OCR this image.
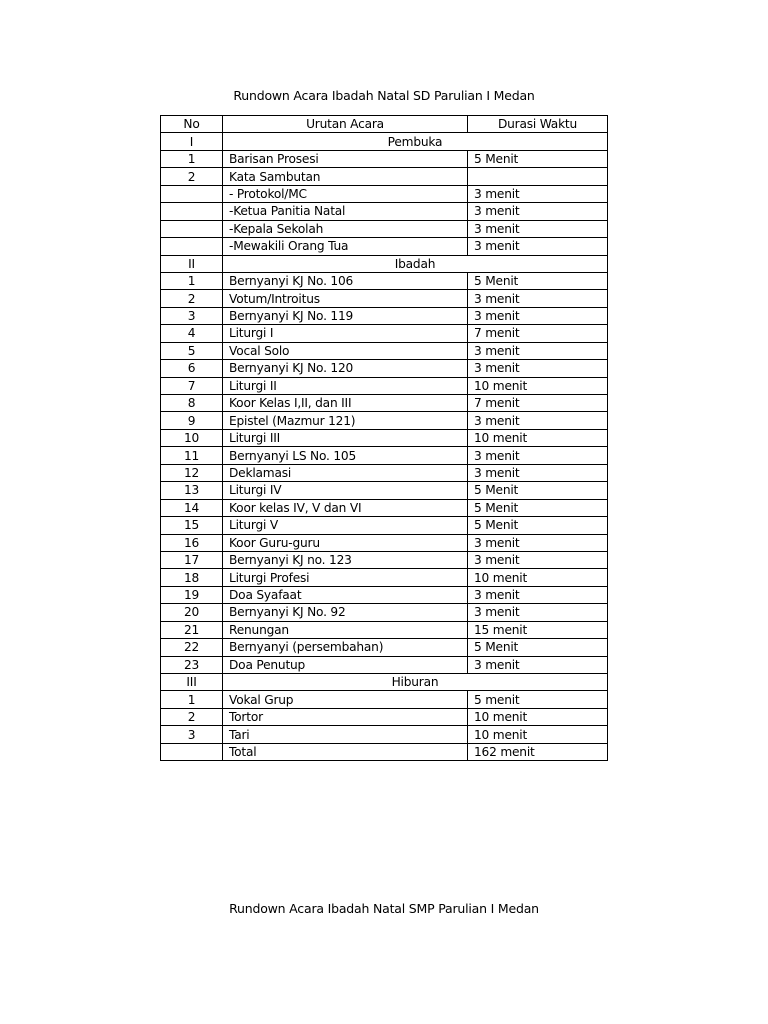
Rundown Acara Ibadah Natal SD Parulian I Medan
No	Urutan Acara	Durasi Waktu
I	Pembuka	
1	Barisan Prosesi	5 Menit
2	Kata Sambutan	
	- Protokol/MC	3 menit
	-Ketua Panitia Natal	3 menit
	-Kepala Sekolah	3 menit
	-Mewakili Orang Tua	3 menit
II	Ibadah	
1	Bernyanyi KJ No. 106	5 Menit
2	Votum/Introitus	3 menit
3	Bernyanyi KJ No. 119	3 menit
4	Liturgi I	7 menit
5	Vocal Solo	3 menit
6	Bernyanyi KJ No. 120	3 menit
7	Liturgi II	10 menit
8	Koor Kelas I,II, dan III	7 menit
9	Epistel (Mazmur 121)	3 menit
10	Liturgi III	10 menit
11	Bernyanyi LS No. 105	3 menit
12	Deklamasi	3 menit
13	Liturgi IV	5 Menit
14	Koor kelas IV, V dan VI	5 Menit
15	Liturgi V	5 Menit
16	Koor Guru-guru	3 menit
17	Bernyanyi KJ no. 123	3 menit
18	Liturgi Profesi	10 menit
19	Doa Syafaat	3 menit
20	Bernyanyi KJ No. 92	3 menit
21	Renungan	15 menit
22	Bernyanyi (persembahan)	5 Menit
23	Doa Penutup	3 menit
III	Hiburan	
1	Vokal Grup	5 menit
2	Tortor	10 menit
3	Tari	10 menit
	Total	162 menit
Rundown Acara Ibadah Natal SMP Parulian I Medan
